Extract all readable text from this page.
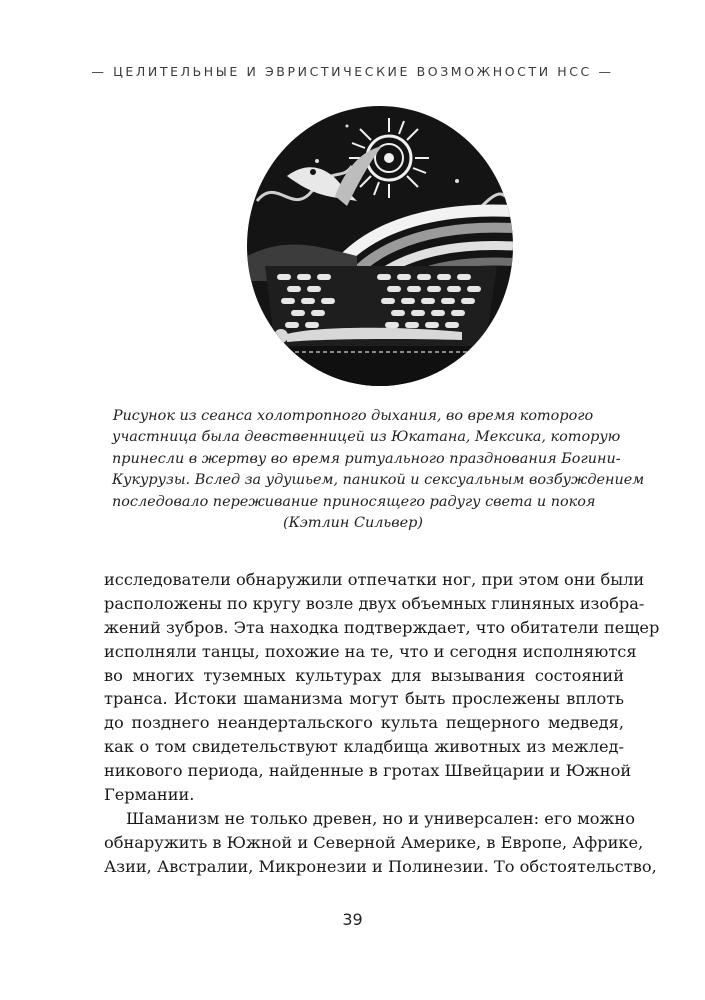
— ЦЕЛИТЕЛЬНЫЕ И ЭВРИСТИЧЕСКИЕ ВОЗМОЖНОСТИ НСС —
Рисунок из сеанса холотропного дыхания, во время которого
участница была девственницей из Юкатана, Мексика, которую
принесли в жертву во время ритуального празднования Богини-
Кукурузы. Вслед за удушьем, паникой и сексуальным возбуждением
последовало переживание приносящего радугу света и покоя
(Кэтлин Сильвер)
исследователи обнаружили отпечатки ног, при этом они были
расположены по кругу возле двух объемных глиняных изобра-
жений зубров. Эта находка подтверждает, что обитатели пещер
исполняли танцы, похожие на те, что и сегодня исполняются
во многих туземных культурах для вызывания состояний
транса. Истоки шаманизма могут быть прослежены вплоть
до позднего неандертальского культа пещерного медведя,
как о том свидетельствуют кладбища животных из межлед-
никового периода, найденные в гротах Швейцарии и Южной
Германии.
Шаманизм не только древен, но и универсален: его можно
обнаружить в Южной и Северной Америке, в Европе, Африке,
Азии, Австралии, Микронезии и Полинезии. То обстоятельство,
39
